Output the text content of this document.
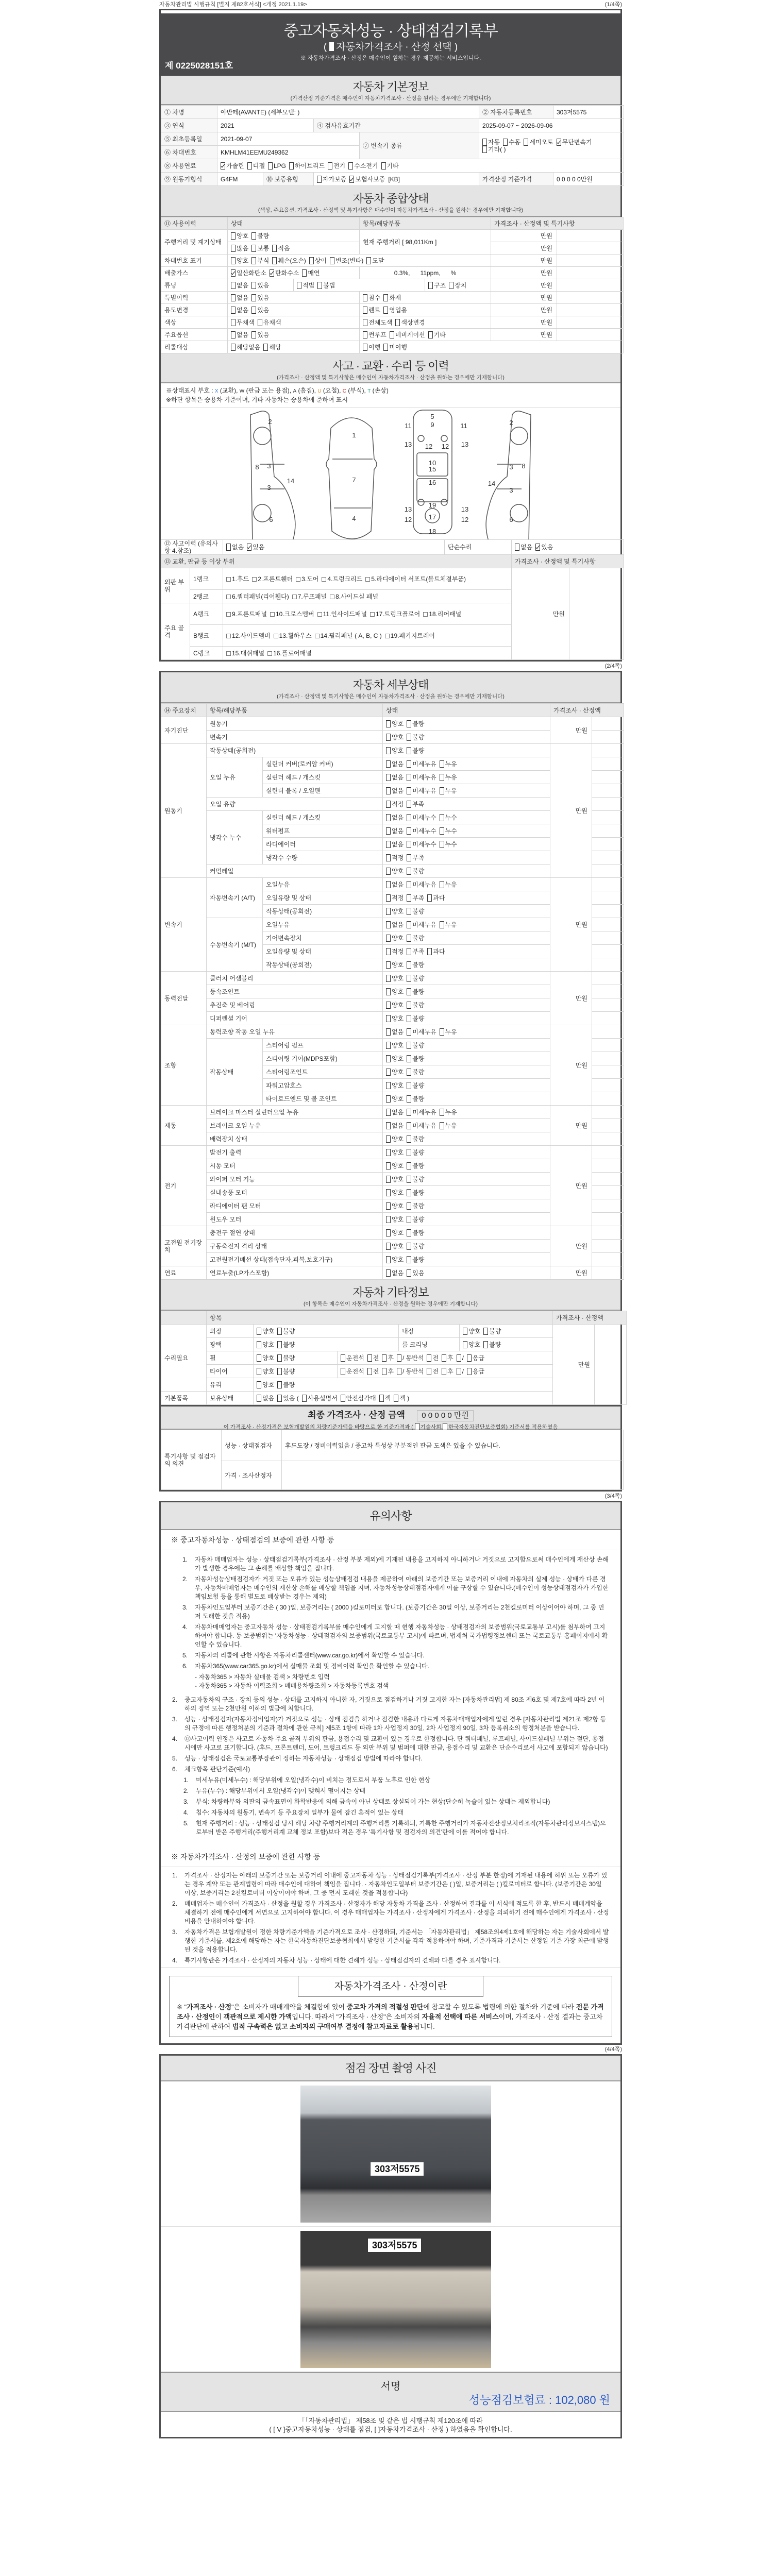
자동차관리법 시행규칙 [별지 제82호서식] <개정 2021.1.19>	(1/4쪽)
중고자동차성능 · 상태점검기록부
( 자동차가격조사 · 산정 선택 )
※ 자동차가격조사 · 산정은 매수인이 원하는 경우 제공하는 서비스입니다.
제 0225028151호
자동차 기본정보

(가격산정 기준가격은 매수인이 자동차가격조사 · 산정을 원하는 경우에만 기재합니다)

① 차명	아반떼(AVANTE) (세부모델: )				② 자동차등록번호	303저5575
③ 연식	2021		④ 검사유효기간		2025-09-07 ~ 2026-09-06	
⑤ 최초등록일	2021-09-07			⑦ 변속기 종류	자동 수동 세미오토 무단변속기기타( )	
⑥ 차대번호	KMHLM41EEMU249362					
⑧ 사용연료	가솔린 디젤 LPG 하이브리드 전기 수소전기 기타					
⑨ 원동기형식	G4FM	⑩ 보증유형	자가보증 보험사보증 [KB]		가격산정 기준가격	0 0 0 0 0만원
자동차 종합상태

(색상, 주요옵션, 가격조사 · 산정액 및 특기사항은 매수인이 자동차가격조사 · 산정을 원하는 경우에만 기재합니다)

⑪ 사용이력	상태		항목/해당부품		가격조사 · 산정액 및 특기사항	
주행거리 및 계기상태	양호 불량		현재 주행거리 [ 98,011Km ]		만원	
	많음 보통 적음				만원	
차대번호 표기	양호 부식 훼손(오손) 상이 변조(변타) 도말				만원	
배출가스	일산화탄소 탄화수소 매연		0.3%, 11ppm, %		만원	
튜닝	없음 있음	적법 불법		구조 장치	만원	
특별이력	없음 있음		침수 화재		만원	
용도변경	없음 있음		렌트 영업용		만원	
색상	무채색 유채색		전체도색 색상변경		만원	
주요옵션	없음 있음		썬루프 네비게이션 기타		만원	
리콜대상	해당없음 해당		이행 미이행			
사고 · 교환 · 수리 등 이력

(가격조사 · 산정액 및 특기사항은 매수인이 자동차가격조사 · 산정을 원하는 경우에만 기재합니다)

※상태표시 부호 : X (교환), W (판금 또는 용접), A (흠집), U (요철), C (부식), T (손상)
※하단 항목은 승용차 기준이며, 기타 자동차는 승용차에 준하여 표시
2
8 3
3
14
6
1
7
4
5
9
11	11
13	13
12 12
10
15
16
13	13
19
12	12
17
18
2
3 8
14
3
6
⑫ 사고이력 (유의사항 4.참조)		없음 있음	단순수리	없음 있음	
⑬ 교환, 판금 등 이상 부위				가격조사 · 산정액 및 특기사항	
외판 부위	1랭크	1.후드 2.프론트휀더 3.도어 4.트렁크리드 5.라디에이터 서포트(볼트체결부품)		만원	
	2랭크	6.쿼터패널(리어휀다) 7.루프패널 8.사이드실 패널			
주요 골격	A랭크	9.프론트패널 10.크로스멤버 11.인사이드패널 17.트렁크플로어 18.리어패널			
	B랭크	12.사이드멤버 13.휠하우스 14.필러패널 ( A, B, C ) 19.패키지트레이			
	C랭크	15.대쉬패널 16.플로어패널			
(2/4쪽)
자동차 세부상태

(가격조사 · 산정액 및 특기사항은 매수인이 자동차가격조사 · 산정을 원하는 경우에만 기재합니다)

⑭ 주요장치	항목/해당부품		상태	가격조사 · 산정액	
자기진단	원동기		양호 불량	만원	
	변속기		양호 불량		
원동기	작동상태(공회전)		양호 불량	만원	
	오일 누유	실린더 커버(로커암 커버)	없음 미세누유 누유		
		실린더 헤드 / 개스킷	없음 미세누유 누유		
		실린더 블록 / 오일팬	없음 미세누유 누유		
	오일 유량		적정 부족		
	냉각수 누수	실린더 헤드 / 개스킷	없음 미세누수 누수		
		워터펌프	없음 미세누수 누수		
		라디에이터	없음 미세누수 누수		
		냉각수 수량	적정 부족		
	커먼레일		양호 불량		
변속기	자동변속기 (A/T)	오일누유	없음 미세누유 누유	만원	
		오일유량 및 상태	적정 부족 과다		
		작동상태(공회전)	양호 불량		
	수동변속기 (M/T)	오일누유	없음 미세누유 누유		
		기어변속장치	양호 불량		
		오일유량 및 상태	적정 부족 과다		
		작동상태(공회전)	양호 불량		
동력전달	클러치 어셈블리		양호 불량	만원	
	등속조인트		양호 불량		
	추진축 및 베어링		양호 불량		
	디퍼렌셜 기어		양호 불량		
조향	동력조향 작동 오일 누유		없음 미세누유 누유	만원	
	작동상태	스티어링 펌프	양호 불량		
		스티어링 기어(MDPS포함)	양호 불량		
		스티어링조인트	양호 불량		
		파워고압호스	양호 불량		
		타이로드엔드 및 볼 조인트	양호 불량		
제동	브레이크 마스터 실린더오일 누유		없음 미세누유 누유	만원	
	브레이크 오일 누유		없음 미세누유 누유		
	배력장치 상태		양호 불량		
전기	발전기 출력		양호 불량	만원	
	시동 모터		양호 불량		
	와이퍼 모터 기능		양호 불량		
	실내송풍 모터		양호 불량		
	라디에이터 팬 모터		양호 불량		
	윈도우 모터		양호 불량		
고전원 전기장치	충전구 절연 상태		양호 불량	만원	
	구동축전지 격리 상태		양호 불량		
	고전원전기배선 상태(접속단자,피복,보호기구)		양호 불량		
연료	연료누출(LP가스포함)		없음 있음	만원	
자동차 기타정보

(이 항목은 매수인이 자동차가격조사 · 산정을 원하는 경우에만 기재합니다)

	항목					가격조사 · 산정액	
수리필요	외장	양호 불량		내장	양호 불량	만원	
	광택	양호 불량		룸 크리닝	양호 불량		
	휠	양호 불량	운전석 전 후 / 동반석 전 후 / 응급				
	타이어	양호 불량	운전석 전 후 / 동반석 전 후 / 응급				
	유리	양호 불량					
기본품목	보유상태	없음 있음 ( 사용설명서 안전삼각대 잭 잭 )					
최종 가격조사 · 산정 금액 0 0 0 0 0 만원

이 가격조사 · 산정가격은 보험개발원의 차량기준가액을 바탕으로 한 기준가격과 ( 기술사회, 한국자동차진단보증협회) 기준서를 적용하였음

특기사항 및 점검자의 의견	성능 · 상태점검자	후드도장 / 정비이력있음 / 중고차 특성상 부분적인 판금 도색은 있을 수 있습니다.
	가격 · 조사산정자	
(3/4쪽)
유의사항
※ 중고자동차성능 · 상태점검의 보증에 관한 사항 등
1.	자동차 매매업자는 성능 · 상태점검기록부(가격조사 · 산정 부분 제외)에 기재된 내용을 고지하지 아니하거나 거짓으로 고지함으로써 매수인에게 재산상 손해가 발생한 경우에는 그 손해를 배상할 책임을 집니다.
2.	자동차성능상태점검자가 거짓 또는 오류가 있는 성능상태점검 내용을 제공하여 아래의 보증기간 또는 보증거리 이내에 자동차의 실제 성능 · 상태가 다른 경우, 자동차매매업자는 매수인의 재산상 손해를 배상할 책임을 지며, 자동차성능상태점검자에게 이를 구상할 수 있습니다.(매수인이 성능상태점검자가 가입한 책임보험 등을 통해 별도로 배상받는 경우는 제외)
3.	자동차인도일부터 보증기간은 ( 30 )일, 보증거리는 ( 2000 )킬로미터로 합니다. (보증기간은 30일 이상, 보증거리는 2천킬로미터 이상이어야 하며, 그 중 먼저 도래한 것을 적용)
4.	자동차매매업자는 중고자동차 성능 · 상태점검기록부를 매수인에게 고지할 때 현행 자동차성능 · 상태점검자의 보증범위(국토교통부 고시)를 첨부하여 고지하여야 합니다. 동 보증범위는 '자동차성능 · 상태점검자의 보증범위(국토교통부 고시)에 따르며, 법제처 국가법령정보센터 또는 국토교통부 홈페이지에서 확인할 수 있습니다.
5.	자동차의 리콜에 관한 사항은 자동차리콜센터(www.car.go.kr)에서 확인할 수 있습니다.
6.	자동차365(www.car365.go.kr)에서 실매물 조회 및 정비이력 확인을 확인할 수 있습니다.
- 자동차365 > 자동차 실매물 검색 > 차량번호 입력
- 자동차365 > 자동차 이력조회 > 매매용차량조회 > 자동차등록번호 검색
2.	중고자동차의 구조 · 장치 등의 성능 · 상태를 고지하지 아니한 자, 거짓으로 점검하거나 거짓 고지한 자는 [자동차관리법] 제 80조 제6호 및 제7호에 따라 2년 이하의 징역 또는 2천만원 이하의 벌금에 처합니다.
3.	성능 · 상태점검자(자동차정비업자)가 거짓으로 성능 · 상태 점검을 하거나 점검한 내용과 다르게 자동차매매업자에게 알린 경우 [자동차관리법 제21조 제2항 등의 규정에 따른 행정처분의 기준과 절차에 관한 규칙] 제5조 1항에 따라 1차 사업정지 30일, 2차 사업정지 90일, 3차 등록취소의 행정처분을 받습니다.
4.	⑫사고이력 인정은 사고로 자동차 주요 골격 부위의 판금, 용접수리 및 교환이 있는 경우로 한정합니다. 단 쿼터패널, 루프패널, 사이드실패널 부위는 절단, 용접 시에만 사고로 표기합니다. (후드, 프론트펜더, 도어, 트렁크리드 등 외판 부위 및 범퍼에 대한 판금, 용접수리 및 교환은 단순수리로서 사고에 포함되지 않습니다)
5.	성능 · 상태점검은 국토교통부장관이 정하는 자동차성능 · 상태점검 방법에 따라야 합니다.
6.	체크항목 판단기준(예시)
1.	미세누유(미세누수) : 해당부위에 오일(냉각수)이 비치는 정도로서 부품 노후로 인한 현상
2.	누유(누수) : 해당부위에서 오일(냉각수)이 맺혀서 떨어지는 상태
3.	부식: 차량하부와 외판의 금속표면이 화학반응에 의해 금속이 아닌 상태로 상실되어 가는 현상(단순히 녹슬어 있는 상태는 제외합니다)
4.	침수: 자동차의 원동기, 변속기 등 주요장치 일부가 물에 잠긴 흔적이 있는 상태
5.	현재 주행거리 : 성능 · 상태점검 당시 해당 차량 주행거리계의 주행거리를 기록하되, 기록한 주행거리가 자동차전산정보처리조직(자동차관리정보시스템)으로부터 받은 주행거리(주행거리계 교체 정보 포함)보다 적은 경우 '특기사항 및 점검자의 의견'란에 이를 적어야 합니다.
※ 자동차가격조사 · 산정의 보증에 관한 사항 등
1.	가격조사 · 산정자는 아래의 보증기간 또는 보증거리 이내에 중고자동차 성능 · 상태점검기록부(가격조사 · 산정 부분 한정)에 기재된 내용에 허위 또는 오류가 있는 경우 계약 또는 관계법령에 따라 매수인에 대하여 책임을 집니다. · 자동차인도일부터 보증기간은 ( )일, 보증거리는 ( )킬로미터로 합니다. (보증기간은 30일 이상, 보증거리는 2천킬로미터 이상이어야 하며, 그 중 먼저 도래한 것을 적용합니다)
2.	매매업자는 매수인이 가격조사 · 산정을 원할 경우 가격조사 · 산정자가 해당 자동차 가격을 조사 · 산정하여 결과를 이 서식에 적도록 한 후, 반드시 매매계약을 체결하기 전에 매수인에게 서면으로 고지하여야 합니다. 이 경우 매매업자는 가격조사 · 산정자에게 가격조사 · 산정을 의뢰하기 전에 매수인에게 가격조사 · 산정 비용을 안내하여야 합니다.
3.	자동차가격은 보험개발원이 정한 차량기준가액을 기준가격으로 조사 · 산정하되, 기준서는 「자동차관리법」 제58조의4제1호에 해당하는 자는 기술사회에서 발행한 기준서를, 제2호에 해당하는 자는 한국자동차진단보증협회에서 발행한 기준서를 각각 적용하여야 하며, 기준가격과 기준서는 산정일 기준 가장 최근에 발행된 것을 적용합니다.
4.	특기사항란은 가격조사 · 산정자의 자동차 성능 · 상태에 대한 견해가 성능 · 상태점검자의 견해와 다를 경우 표시합니다.
자동차가격조사 · 산정이란

※ "가격조사 · 산정"은 소비자가 매매계약을 체결함에 있어 중고차 가격의 적절성 판단에 참고할 수 있도록 법령에 의한 절차와 기준에 따라 전문 가격조사 · 산정인이 객관적으로 제시한 가액입니다. 따라서 "가격조사 · 산정"은 소비자의 자율적 선택에 따른 서비스이며, 가격조사 · 산정 결과는 중고차 가격판단에 관하여 법적 구속력은 없고 소비자의 구매여부 결정에 참고자료로 활용됩니다.

(4/4쪽)
점검 장면 촬영 사진
303저5575
303저5575
서명
성능점검보험료 : 102,080 원
「「자동차관리법」 제58조 및 같은 법 시행규칙 제120조에 따라
( [ V ]중고자동차성능 · 상태를 점검, [ ]자동차가격조사 · 산정 ) 하였음을 확인합니다.
